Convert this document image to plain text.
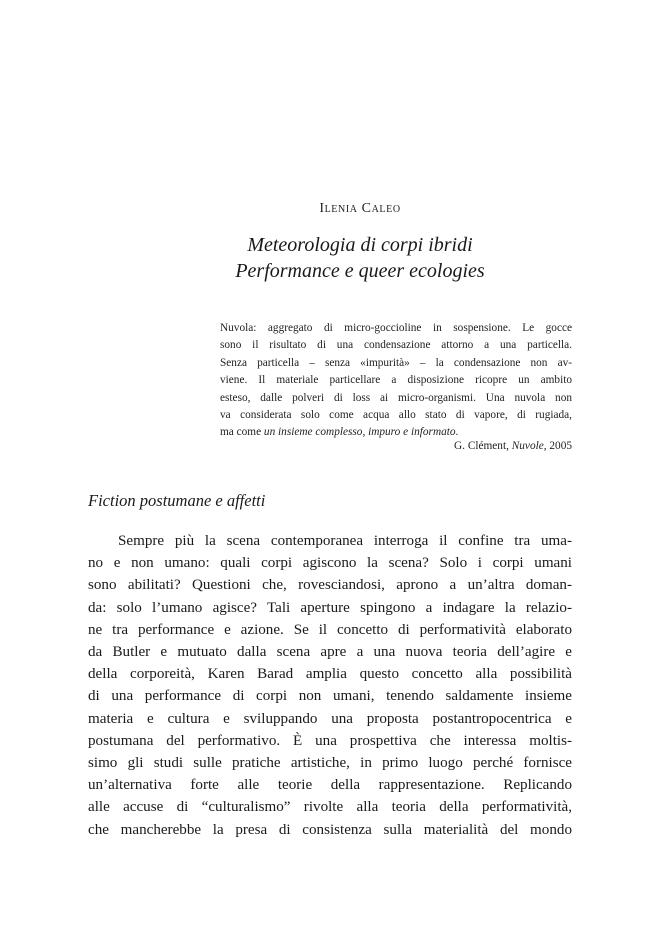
Ilenia Caleo
Meteorologia di corpi ibridi
Performance e queer ecologies
Nuvola: aggregato di micro-goccioline in sospensione. Le gocce
sono il risultato di una condensazione attorno a una particella.
Senza particella – senza «impurità» – la condensazione non av-
viene. Il materiale particellare a disposizione ricopre un ambito
esteso, dalle polveri di loss ai micro-organismi. Una nuvola non
va considerata solo come acqua allo stato di vapore, di rugiada,
ma come un insieme complesso, impuro e informato.
G. Clément, Nuvole, 2005
Fiction postumane e affetti
Sempre più la scena contemporanea interroga il confine tra uma-
no e non umano: quali corpi agiscono la scena? Solo i corpi umani
sono abilitati? Questioni che, rovesciandosi, aprono a un’altra doman-
da: solo l’umano agisce? Tali aperture spingono a indagare la relazio-
ne tra performance e azione. Se il concetto di performatività elaborato
da Butler e mutuato dalla scena apre a una nuova teoria dell’agire e
della corporeità, Karen Barad amplia questo concetto alla possibilità
di una performance di corpi non umani, tenendo saldamente insieme
materia e cultura e sviluppando una proposta postantropocentrica e
postumana del performativo. È una prospettiva che interessa moltis-
simo gli studi sulle pratiche artistiche, in primo luogo perché fornisce
un’alternativa forte alle teorie della rappresentazione. Replicando
alle accuse di “culturalismo” rivolte alla teoria della performatività,
che mancherebbe la presa di consistenza sulla materialità del mondo
